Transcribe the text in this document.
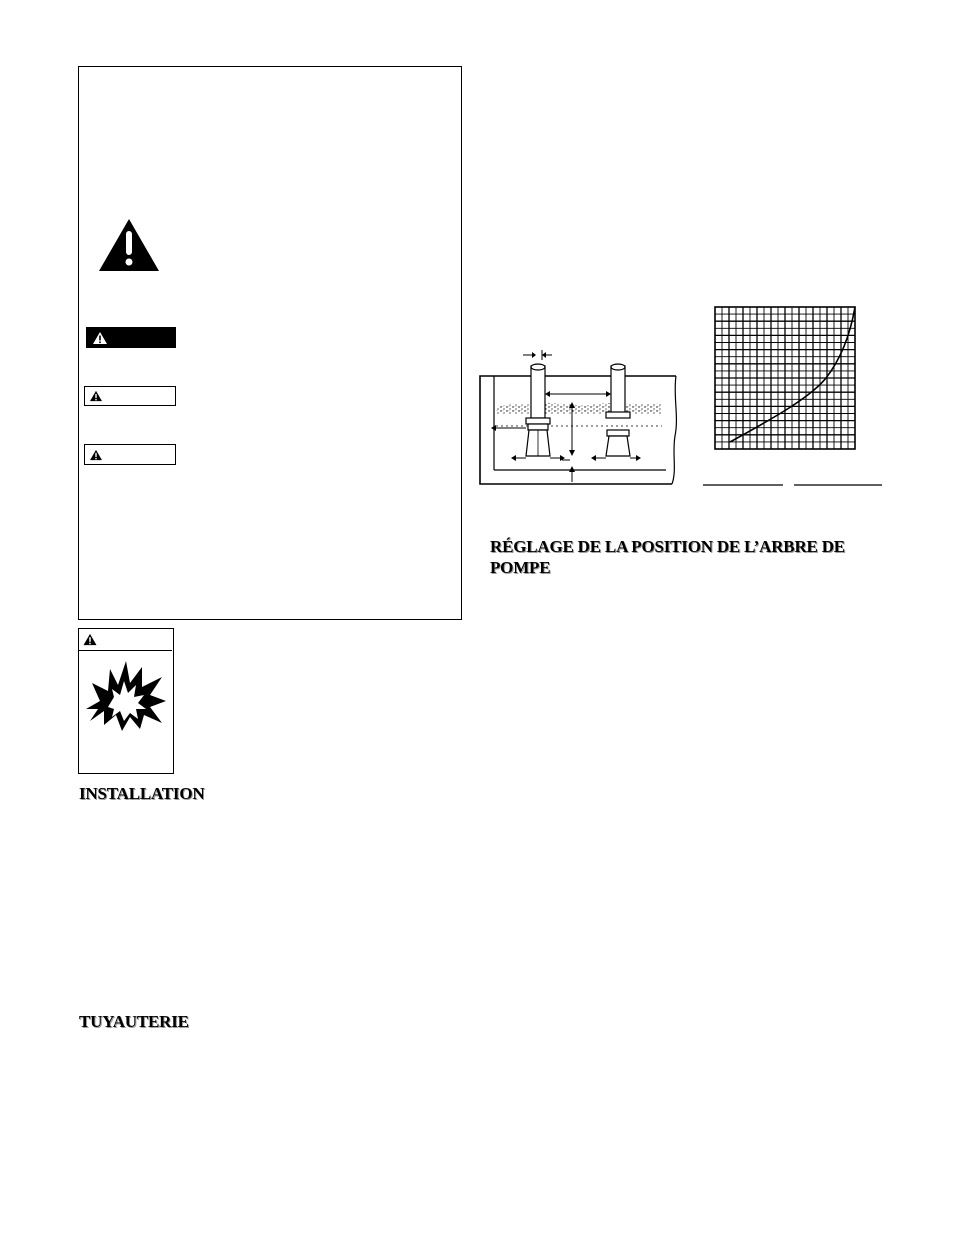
INSTALLATION
TUYAUTERIE
RÉGLAGE DE LA POSITION DE L’ARBRE DE
POMPE
